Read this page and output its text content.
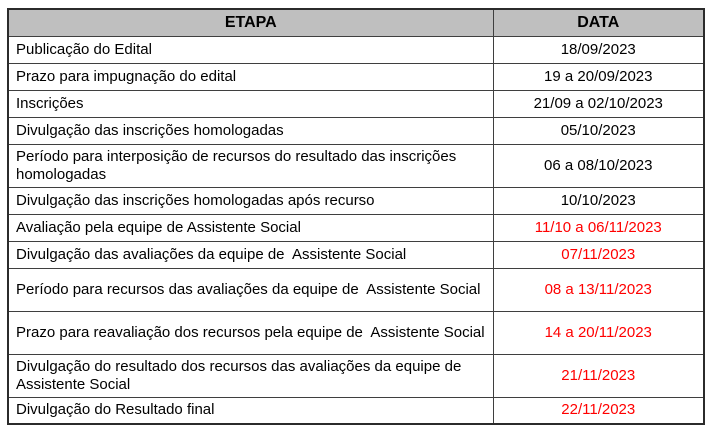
ETAPA	DATA
Publicação do Edital	18/09/2023
Prazo para impugnação do edital	19 a 20/09/2023
Inscrições	21/09 a 02/10/2023
Divulgação das inscrições homologadas	05/10/2023
Período para interposição de recursos do resultado das inscrições homologadas	06 a 08/10/2023
Divulgação das inscrições homologadas após recurso	10/10/2023
Avaliação pela equipe de Assistente Social	11/10 a 06/11/2023
Divulgação das avaliações da equipe de  Assistente Social	07/11/2023
Período para recursos das avaliações da equipe de  Assistente Social	08 a 13/11/2023
Prazo para reavaliação dos recursos pela equipe de  Assistente Social	14 a 20/11/2023
Divulgação do resultado dos recursos das avaliações da equipe de Assistente Social	21/11/2023
Divulgação do Resultado final	22/11/2023
